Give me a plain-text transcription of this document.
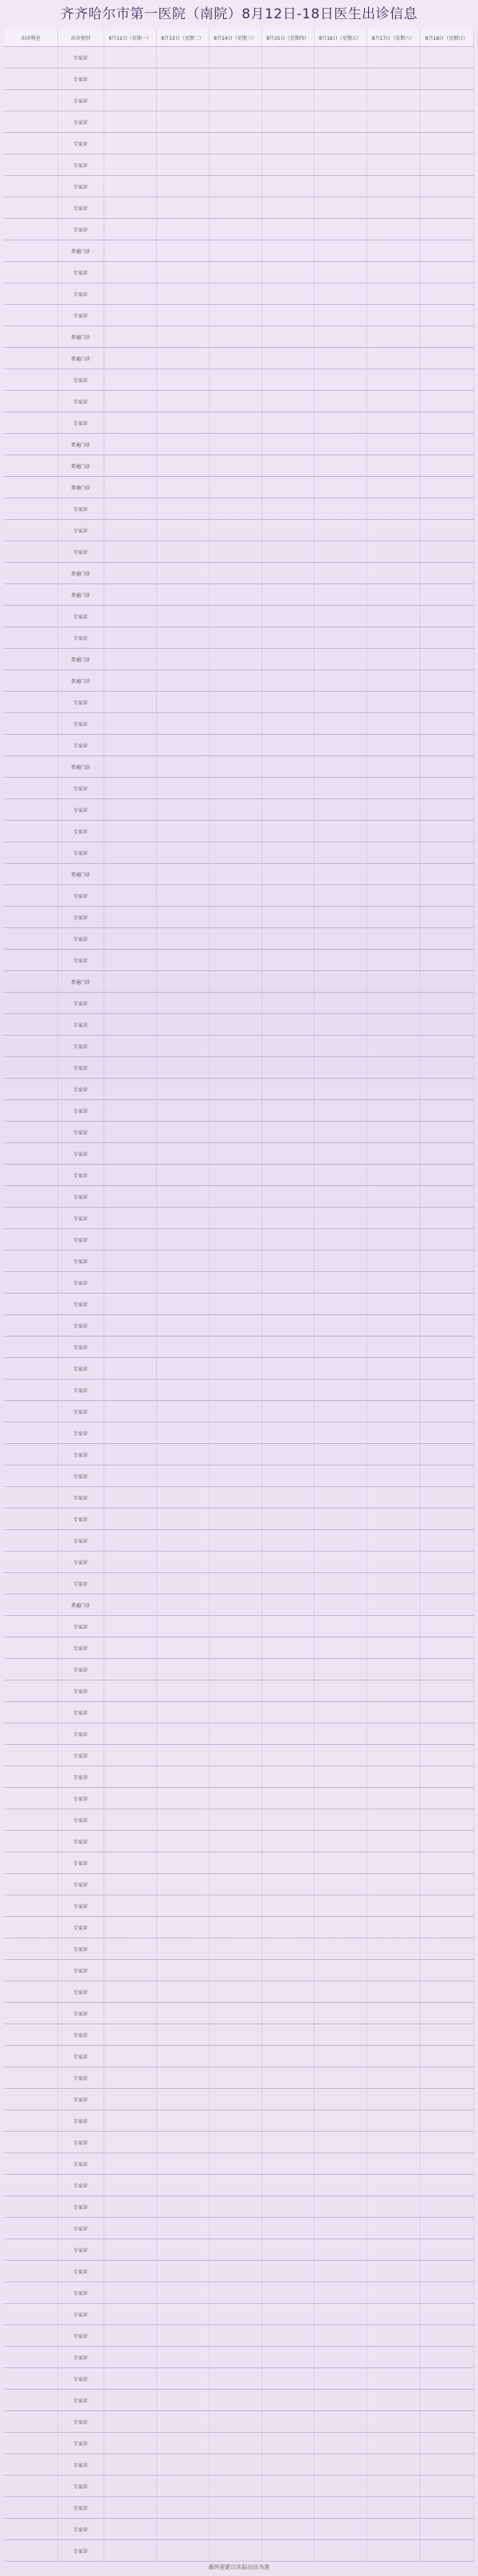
齐齐哈尔市第一医院（南院）8月12日-18日医生出诊信息
出诊科室	出诊类别	8月12日（星期一）	8月13日（星期二）	8月14日（星期三）	8月15日（星期四）	8月16日（星期五）	8月17日（星期六）	8月18日（星期日）
	专家诊							
	专家诊							
	专家诊							
	专家诊							
	专家诊							
	专家诊							
	专家诊							
	专家诊							
	专家诊							
	普通门诊							
	专家诊							
	专家诊							
	专家诊							
	普通门诊							
	普通门诊							
	专家诊							
	专家诊							
	专家诊							
	普通门诊							
	普通门诊							
	普通门诊							
	专家诊							
	专家诊							
	专家诊							
	普通门诊							
	普通门诊							
	专家诊							
	专家诊							
	普通门诊							
	普通门诊							
	专家诊							
	专家诊							
	专家诊							
	普通门诊							
	专家诊							
	专家诊							
	专家诊							
	专家诊							
	普通门诊							
	专家诊							
	专家诊							
	专家诊							
	专家诊							
	普通门诊							
	专家诊							
	专家诊							
	专家诊							
	专家诊							
	专家诊							
	专家诊							
	专家诊							
	专家诊							
	专家诊							
	专家诊							
	专家诊							
	专家诊							
	专家诊							
	专家诊							
	专家诊							
	专家诊							
	专家诊							
	专家诊							
	专家诊							
	专家诊							
	专家诊							
	专家诊							
	专家诊							
	专家诊							
	专家诊							
	专家诊							
	专家诊							
	专家诊							
	普通门诊							
	专家诊							
	专家诊							
	专家诊							
	专家诊							
	专家诊							
	专家诊							
	专家诊							
	专家诊							
	专家诊							
	专家诊							
	专家诊							
	专家诊							
	专家诊							
	专家诊							
	专家诊							
	专家诊							
	专家诊							
	专家诊							
	专家诊							
	专家诊							
	专家诊							
	专家诊							
	专家诊							
	专家诊							
	专家诊							
	专家诊							
	专家诊							
	专家诊							
	专家诊							
	专家诊							
	专家诊							
	专家诊							
	专家诊							
	专家诊							
	专家诊							
	专家诊							
	专家诊							
	专家诊							
	专家诊							
	专家诊							
	专家诊							
	专家诊							
	专家诊							
	专家诊							
最终更新以实际出诊为准
